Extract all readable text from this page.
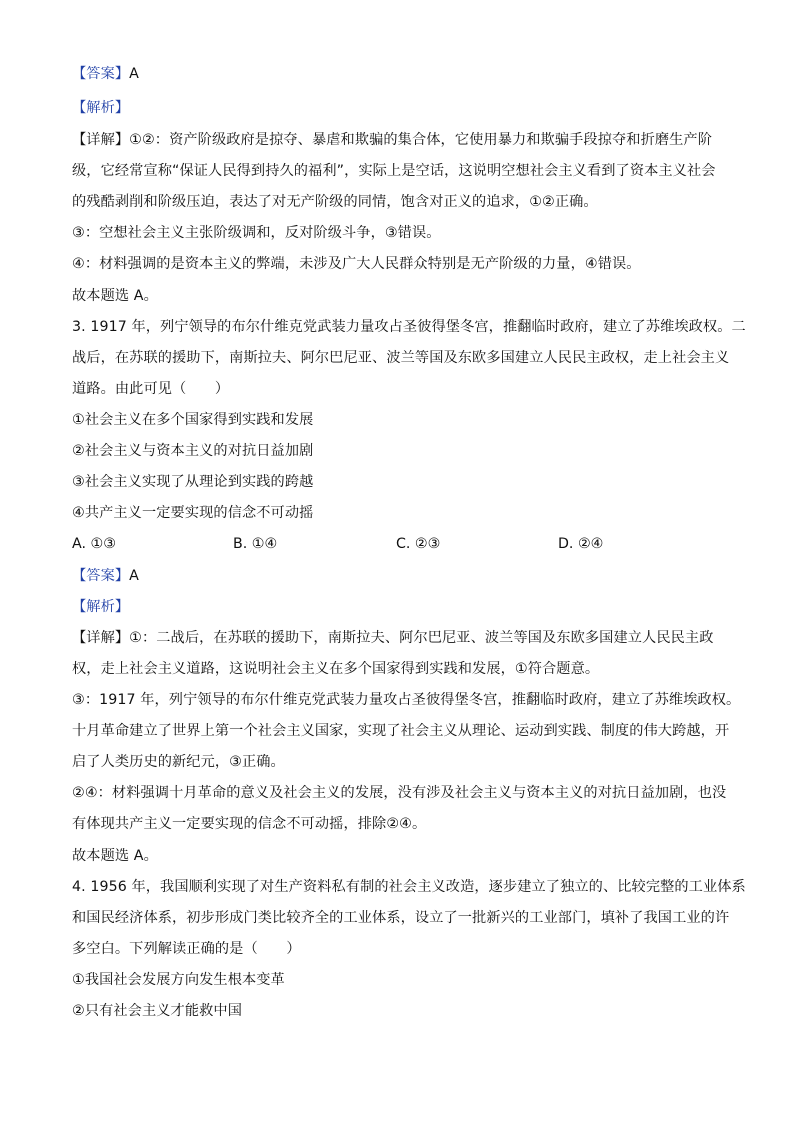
【答案】A
【解析】
【详解】①②：资产阶级政府是掠夺、暴虐和欺骗的集合体，它使用暴力和欺骗手段掠夺和折磨生产阶
级，它经常宣称“保证人民得到持久的福利”，实际上是空话，这说明空想社会主义看到了资本主义社会
的残酷剥削和阶级压迫，表达了对无产阶级的同情，饱含对正义的追求，①②正确。
③：空想社会主义主张阶级调和，反对阶级斗争，③错误。
④：材料强调的是资本主义的弊端，未涉及广大人民群众特别是无产阶级的力量，④错误。
故本题选 A。
3. 1917 年，列宁领导的布尔什维克党武装力量攻占圣彼得堡冬宫，推翻临时政府，建立了苏维埃政权。二
战后，在苏联的援助下，南斯拉夫、阿尔巴尼亚、波兰等国及东欧多国建立人民民主政权，走上社会主义
道路。由此可见（　　）
①社会主义在多个国家得到实践和发展
②社会主义与资本主义的对抗日益加剧
③社会主义实现了从理论到实践的跨越
④共产主义一定要实现的信念不可动摇
A. ①③	B. ①④	C. ②③	D. ②④
【答案】A
【解析】
【详解】①：二战后，在苏联的援助下，南斯拉夫、阿尔巴尼亚、波兰等国及东欧多国建立人民民主政
权，走上社会主义道路，这说明社会主义在多个国家得到实践和发展，①符合题意。
③：1917 年，列宁领导的布尔什维克党武装力量攻占圣彼得堡冬宫，推翻临时政府，建立了苏维埃政权。
十月革命建立了世界上第一个社会主义国家，实现了社会主义从理论、运动到实践、制度的伟大跨越，开
启了人类历史的新纪元，③正确。
②④：材料强调十月革命的意义及社会主义的发展，没有涉及社会主义与资本主义的对抗日益加剧，也没
有体现共产主义一定要实现的信念不可动摇，排除②④。
故本题选 A。
4. 1956 年，我国顺利实现了对生产资料私有制的社会主义改造，逐步建立了独立的、比较完整的工业体系
和国民经济体系，初步形成门类比较齐全的工业体系，设立了一批新兴的工业部门，填补了我国工业的许
多空白。下列解读正确的是（　　）
①我国社会发展方向发生根本变革
②只有社会主义才能救中国
